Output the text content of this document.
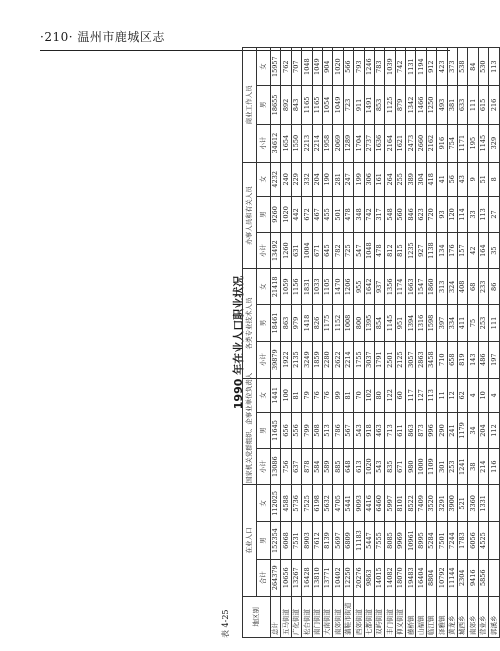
·210· 温州市鹿城区志
表 4-25
1990 年在业人口职业状况
地区别	在业人口			国家机关党群组织、企事业单位负责人			各类专业技术人员			办事人员和有关人员			商业工作人员		
	合计	男	女	小计	男	女	小计	男	女	小计	男	女	小计	男	女
总计	264379	152354	112025	13086	11645	1441	39879	18461	21418	13492	9260	4232	34612	18655	15957
五马街道	10656	6068	4588	756	656	100	1922	863	1059	1260	1020	240	1654	892	762
广化街道	13267	7531	5736	637	556	81	2135	979	1156	631	442	229	1550	843	707
松台街道	16428	8903	7525	878	799	79	3249	1418	1831	1004	672	332	2213	1165	1048
南门街道	13810	7612	6198	584	508	76	1859	826	1033	671	467	204	2214	1165	1049
大南街道	13771	8139	5632	589	513	76	2280	1175	1105	645	455	190	1958	1054	904
南郊街道	10402	5697	4705	885	786	99	2622	1152	1470	782	501	281	2069	1049	1020
蒲鞋市街道	12250	6809	5441	648	567	81	2214	1008	1206	725	478	247	1289	723	566
西郊街道	20276	11183	9093	613	543	70	1755	800	955	547	348	199	1704	911	793
七都街道	9863	5447	4416	1020	918	102	3037	1395	1642	1048	742	306	2737	1491	1246
双屿街道	14015	7555	6460	543	463	80	1791	854	937	478	317	161	1636	853	783
丰门街道	14082	8085	5997	835	713	122	2501	1145	1356	812	548	264	2164	1125	1039
仰义街道	18070	9969	8101	671	611	60	2125	951	1174	815	560	255	1621	879	742
藤桥镇	19483	10961	8522	980	863	117	3057	1394	1663	1235	846	389	2473	1342	1131
山福镇	16404	8995	7409	1000	873	127	2863	1316	1547	927	623	304	2660	1466	1194
临江镇	8804	5284	3520	1109	996	113	3458	1598	1860	1138	720	418	2162	1250	912
泽雅镇	10792	7501	3291	301	290	11	710	397	313	134	93	41	916	493	423
黄龙乡	11144	7244	3900	253	241	12	658	334	324	176	120	56	754	381	373
城西乡	2304	1783	521	1241	1179	62	819	411	408	157	114	43	1171	633	538
南郊乡	9416	6056	3360	38	34	4	143	75	68	42	33	9	195	111	84
营业乡	5856	4525	1331	214	204	10	486	253	233	164	113	51	1145	615	530
郭溪乡				116	112	4	197	111	86	35	27	8	329	216	113
